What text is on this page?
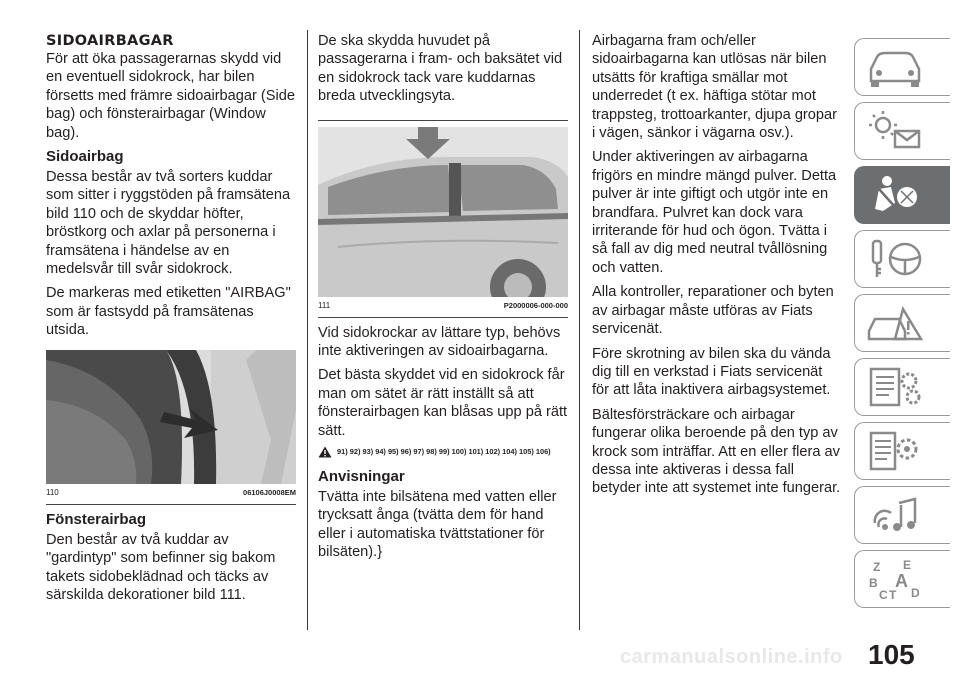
SIDOAIRBAGAR

För att öka passagerarnas skydd vid en eventuell sidokrock, har bilen försetts med främre sidoairbagar (Side bag) och fönsterairbagar (Window bag).

Sidoairbag

Dessa består av två sorters kuddar som sitter i ryggstöden på framsätena bild 110 och de skyddar höfter, bröstkorg och axlar på personerna i framsätena i händelse av en medelsvår till svår sidokrock.

De markeras med etiketten "AIRBAG" som är fastsydd på framsätenas utsida.

110	06106J0008EM
Fönsterairbag

Den består av två kuddar av "gardintyp" som befinner sig bakom takets sidobeklädnad och täcks av särskilda dekorationer bild 111.

De ska skydda huvudet på passagerarna i fram- och baksätet vid en sidokrock tack vare kuddarnas breda utvecklingsyta.

111	P2000006-000-000

Vid sidokrockar av lättare typ, behövs inte aktiveringen av sidoairbagarna.

Det bästa skyddet vid en sidokrock får man om sätet är rätt inställt så att fönsterairbagen kan blåsas upp på rätt sätt.

91) 92) 93) 94) 95) 96) 97) 98) 99) 100) 101) 102) 104) 105) 106)
Anvisningar

Tvätta inte bilsätena med vatten eller trycksatt ånga (tvätta dem för hand eller i automatiska tvättstationer för bilsäten).}

Airbagarna fram och/eller sidoairbagarna kan utlösas när bilen utsätts för kraftiga smällar mot underredet (t ex. häftiga stötar mot trappsteg, trottoarkanter, djupa gropar i vägen, sänkor i vägarna osv.).

Under aktiveringen av airbagarna frigörs en mindre mängd pulver. Detta pulver är inte giftigt och utgör inte en brandfara. Pulvret kan dock vara irriterande för hud och ögon. Tvätta i så fall av dig med neutral tvållösning och vatten.

Alla kontroller, reparationer och byten av airbagar måste utföras av Fiats servicenät.

Före skrotning av bilen ska du vända dig till en verkstad i Fiats servicenät för att låta inaktivera airbagsystemet.

Bältesförsträckare och airbagar fungerar olika beroende på den typ av krock som inträffar. Att en eller flera av dessa inte aktiveras i dessa fall betyder inte att systemet inte fungerar.

Z E
B A
C T D
carmanualsonline.info 105
